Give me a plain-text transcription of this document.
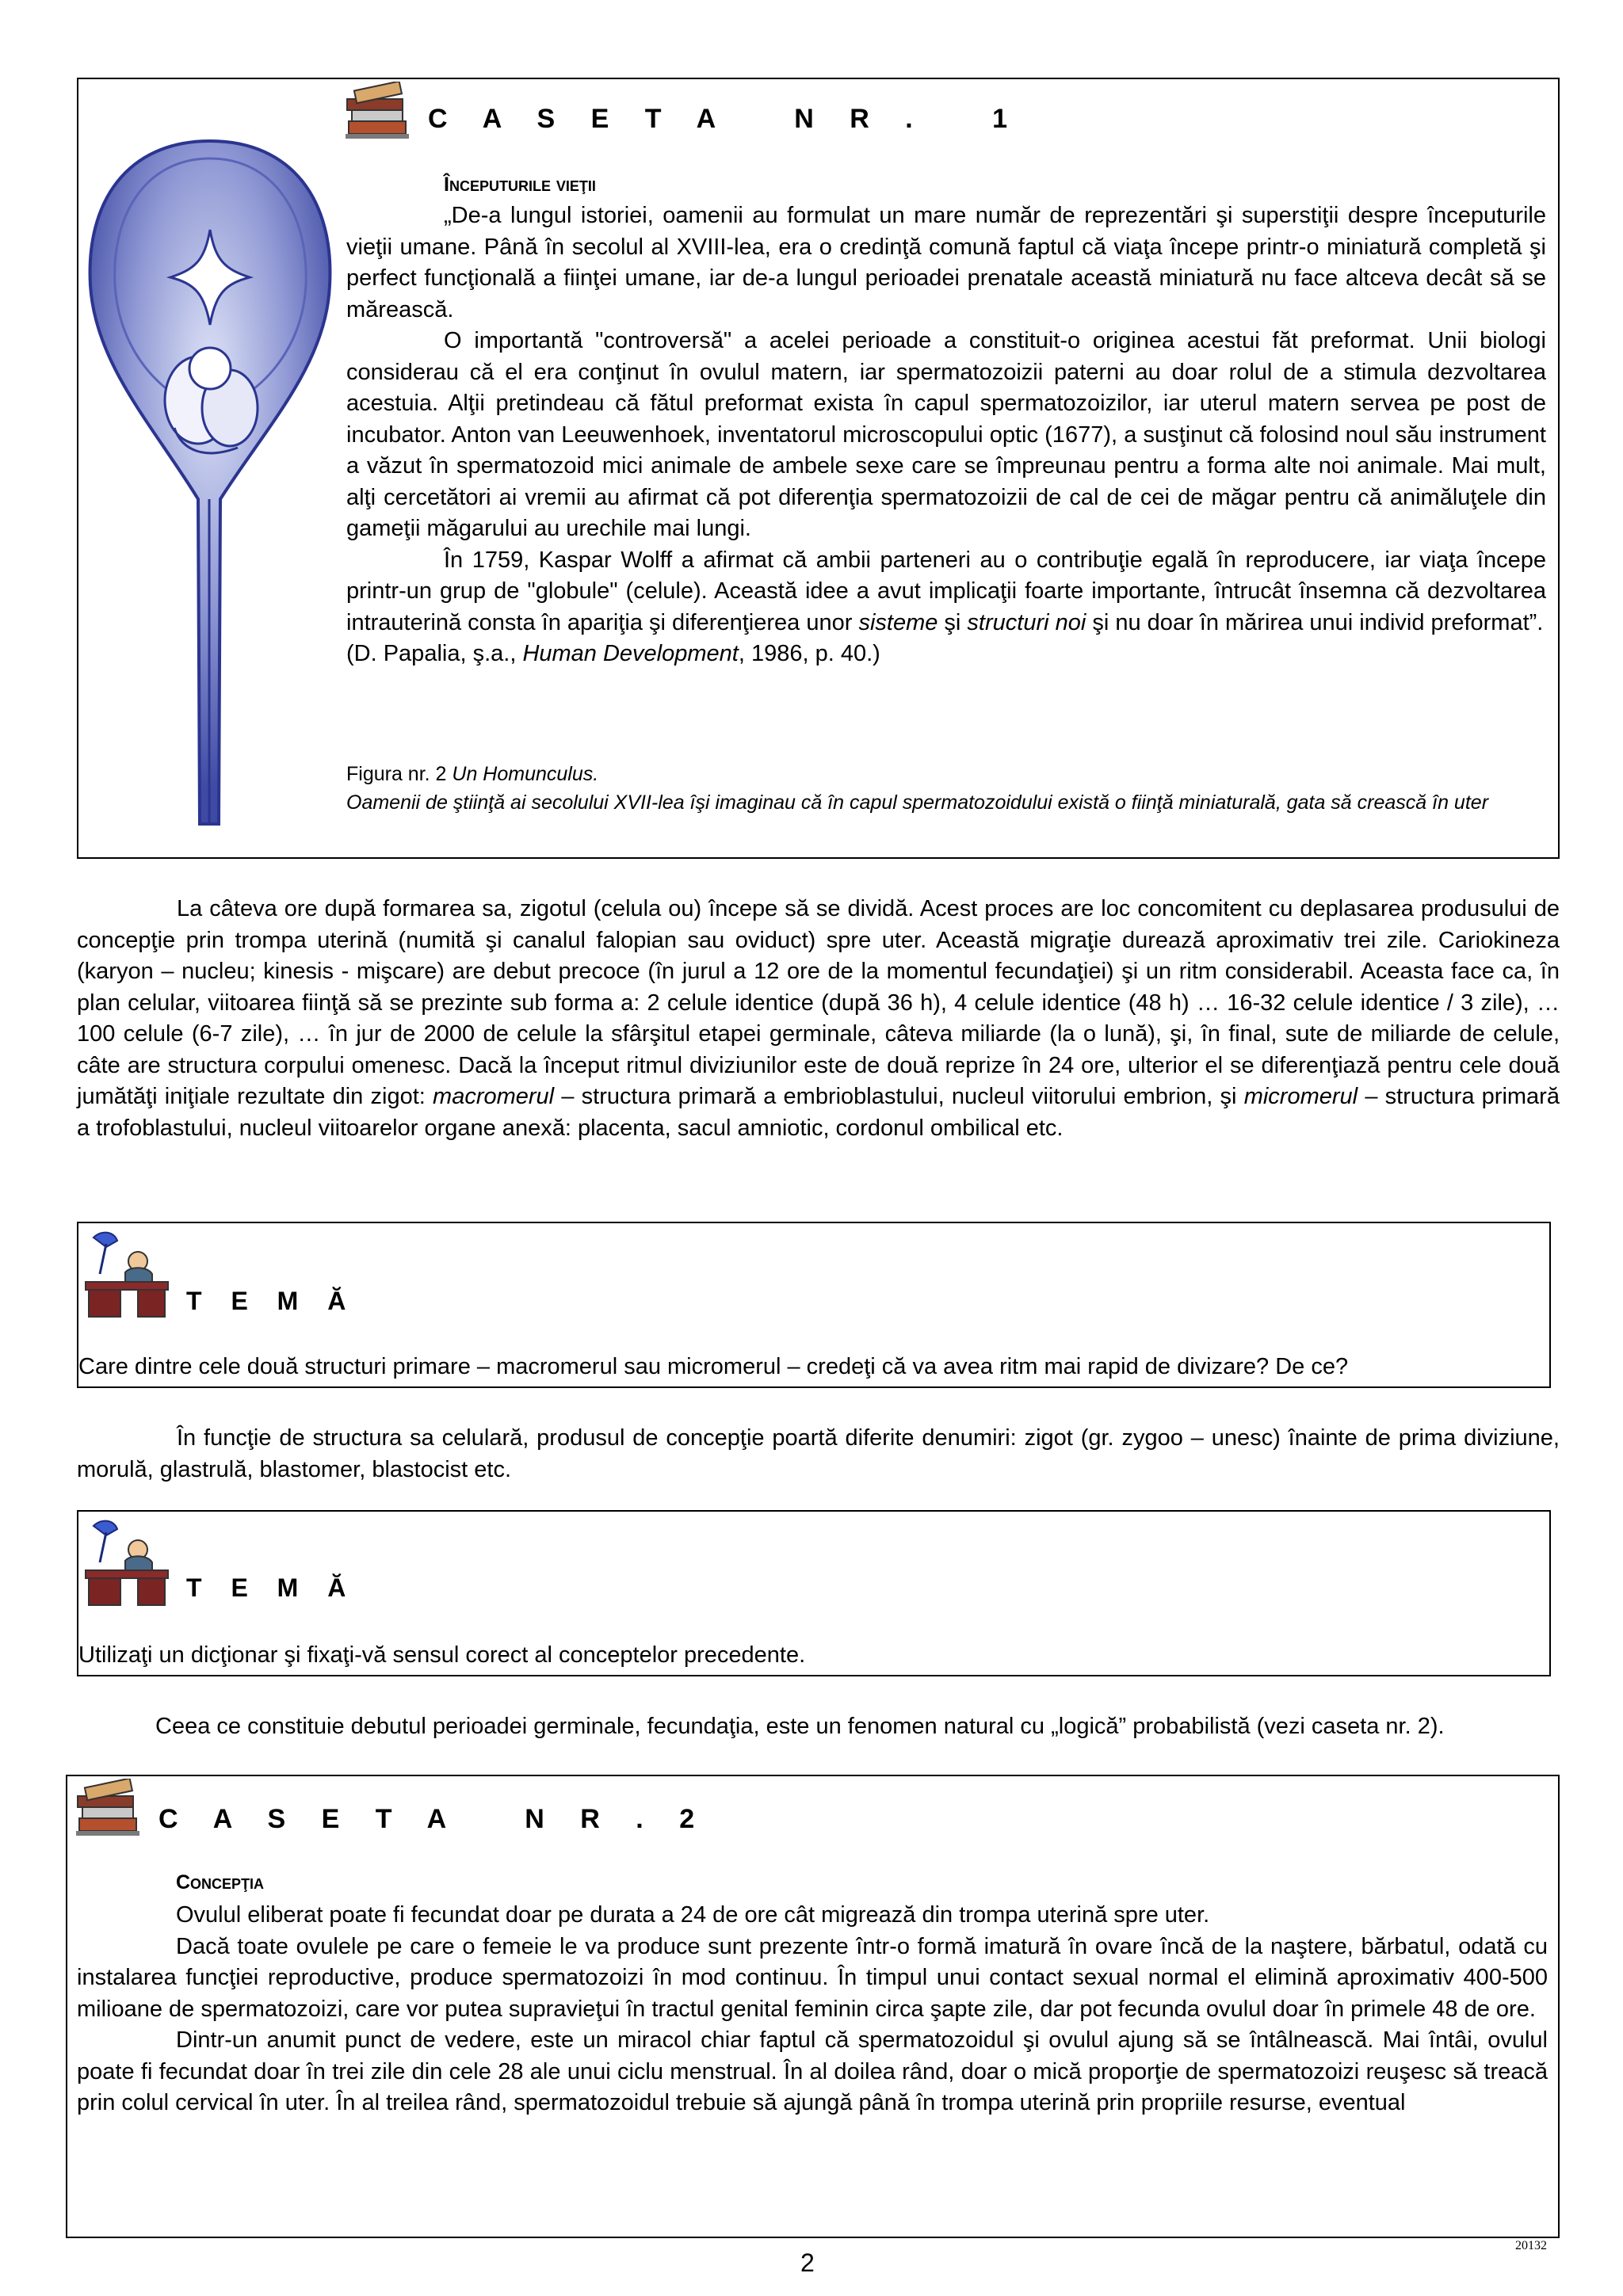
C A S E T A   N R .   1
Începuturile vieţii

„De-a lungul istoriei, oamenii au formulat un mare număr de reprezentări şi superstiţii despre începuturile vieţii umane. Până în secolul al XVIII-lea, era o credinţă comună faptul că viaţa începe printr-o miniatură completă şi perfect funcţională a fiinţei umane, iar de-a lungul perioadei prenatale această miniatură nu face altceva decât să se mărească.

O importantă "controversă" a acelei perioade a constituit-o originea acestui făt preformat. Unii biologi considerau că el era conţinut în ovulul matern, iar spermatozoizii paterni au doar rolul de a stimula dezvoltarea acestuia. Alţii pretindeau că fătul preformat exista în capul spermatozoizilor, iar uterul matern servea pe post de incubator. Anton van Leeuwenhoek, inventatorul microscopului optic (1677), a susţinut că folosind noul său instrument a văzut în spermatozoid mici animale de ambele sexe care se împreunau pentru a forma alte noi animale. Mai mult, alţi cercetători ai vremii au afirmat că pot diferenţia spermatozoizii de cal de cei de măgar pentru că animăluţele din gameţii măgarului au urechile mai lungi.

În 1759, Kaspar Wolff a afirmat că ambii parteneri au o contribuţie egală în reproducere, iar viaţa începe printr-un grup de "globule" (celule). Această idee a avut implicaţii foarte importante, întrucât însemna că dezvoltarea intrauterină consta în apariţia şi diferenţierea unor sisteme şi structuri noi şi nu doar în mărirea unui individ preformat”.

(D. Papalia, ş.a., Human Development, 1986, p. 40.)

Figura nr. 2 Un Homunculus.
Oamenii de ştiinţă ai secolului XVII-lea îşi imaginau că în capul spermatozoidului există o fiinţă miniaturală, gata să crească în uter

La câteva ore după formarea sa, zigotul (celula ou) începe să se dividă. Acest proces are loc concomitent cu deplasarea produsului de concepţie prin trompa uterină (numită şi canalul falopian sau oviduct) spre uter. Această migraţie durează aproximativ trei zile. Cariokineza (karyon – nucleu; kinesis - mişcare) are debut precoce (în jurul a 12 ore de la momentul fecundaţiei) şi un ritm considerabil. Aceasta face ca, în plan celular, viitoarea fiinţă să se prezinte sub forma a: 2 celule identice (după 36 h), 4 celule identice (48 h) … 16-32 celule identice / 3 zile), … 100 celule (6-7 zile), … în jur de 2000 de celule la sfârşitul etapei germinale, câteva miliarde (la o lună), şi, în final, sute de miliarde de celule, câte are structura corpului omenesc. Dacă la început ritmul diviziunilor este de două reprize în 24 ore, ulterior el se diferenţiază pentru cele două jumătăţi iniţiale rezultate din zigot: macromerul – structura primară a embrioblastului, nucleul viitorului embrion, şi micromerul – structura primară a trofoblastului, nucleul viitoarelor organe anexă: placenta, sacul amniotic, cordonul ombilical etc.

T E M Ă
Care dintre cele două structuri primare – macromerul sau micromerul – credeţi că va avea ritm mai rapid de divizare? De ce?

În funcţie de structura sa celulară, produsul de concepţie poartă diferite denumiri: zigot (gr. zygoo – unesc) înainte de prima diviziune, morulă, glastrulă, blastomer, blastocist etc.

T E M Ă
Utilizaţi un dicţionar şi fixaţi-vă sensul corect al conceptelor precedente.
Ceea ce constituie debutul perioadei germinale, fecundaţia, este un fenomen natural cu „logică” probabilistă (vezi caseta nr. 2).
C A S E T A   N R . 2
Concepţia

Ovulul eliberat poate fi fecundat doar pe durata a 24 de ore cât migrează din trompa uterină spre uter.

Dacă toate ovulele pe care o femeie le va produce sunt prezente într-o formă imatură în ovare încă de la naştere, bărbatul, odată cu instalarea funcţiei reproductive, produce spermatozoizi în mod continuu. În timpul unui contact sexual normal el elimină aproximativ 400-500 milioane de spermatozoizi, care vor putea supravieţui în tractul genital feminin circa şapte zile, dar pot fecunda ovulul doar în primele 48 de ore.

Dintr-un anumit punct de vedere, este un miracol chiar faptul că spermatozoidul şi ovulul ajung să se întâlnească. Mai întâi, ovulul poate fi fecundat doar în trei zile din cele 28 ale unui ciclu menstrual. În al doilea rând, doar o mică proporţie de spermatozoizi reuşesc să treacă prin colul cervical în uter. În al treilea rând, spermatozoidul trebuie să ajungă până în trompa uterină prin propriile resurse, eventual

2
20132
